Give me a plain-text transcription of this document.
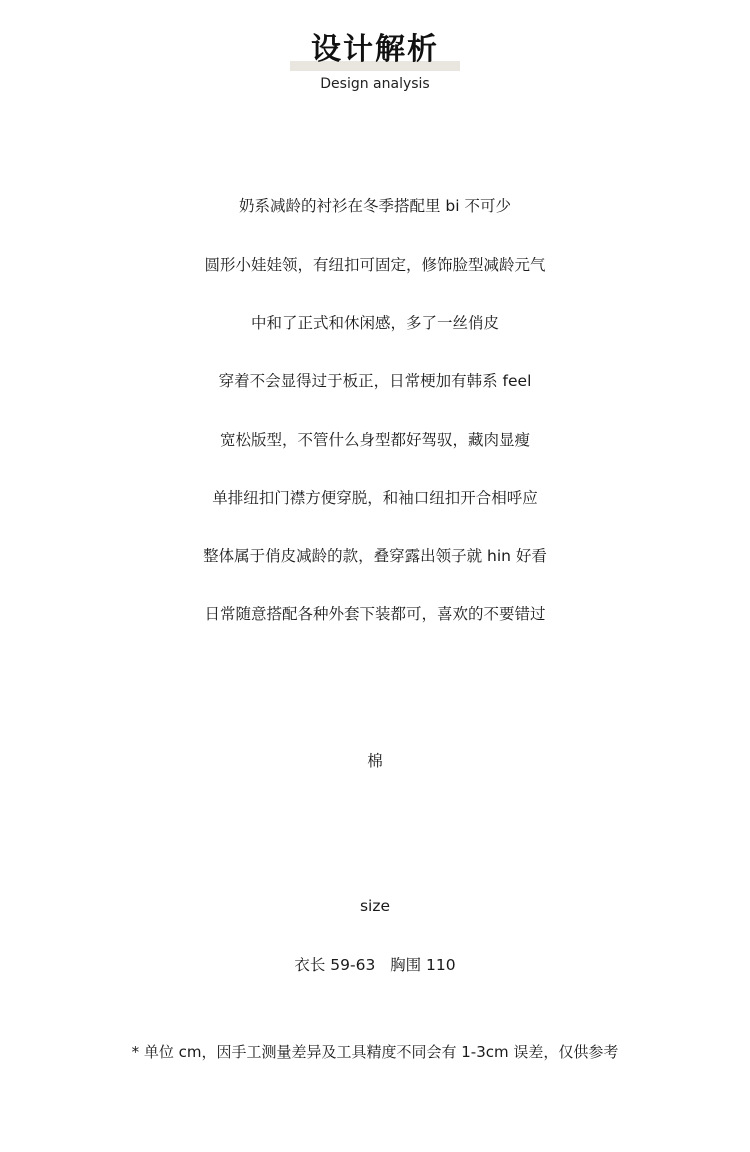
设计解析
Design analysis
奶系减龄的衬衫在冬季搭配里 bi 不可少
圆形小娃娃领，有纽扣可固定，修饰脸型减龄元气
中和了正式和休闲感，多了一丝俏皮
穿着不会显得过于板正，日常梗加有韩系 feel
宽松版型，不管什么身型都好驾驭，藏肉显瘦
单排纽扣门襟方便穿脱，和袖口纽扣开合相呼应
整体属于俏皮减龄的款，叠穿露出领子就 hin 好看
日常随意搭配各种外套下装都可，喜欢的不要错过
棉
size
衣长 59-63   胸围 110
* 单位 cm，因手工测量差异及工具精度不同会有 1-3cm 误差，仅供参考
